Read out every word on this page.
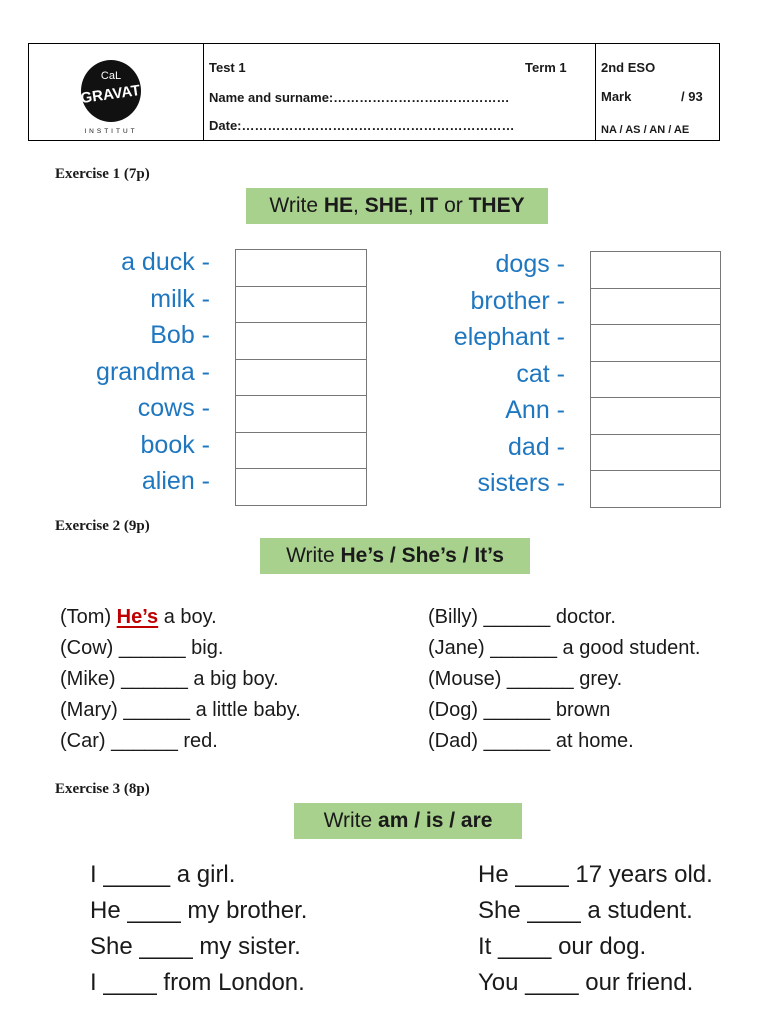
CaL
GRAVAT
INSTITUT
Test 1	Term 1
Name and surname:……………………..……………
Date:………………………………………………………
2nd ESO
Mark	/ 93
NA / AS / AN / AE
Exercise 1 (7p)
Write HE, SHE, IT or THEY
a duck -
milk -
Bob -
grandma -
cows -
book -
alien -
dogs -
brother -
elephant -
cat -
Ann -
dad -
sisters -
Exercise 2 (9p)
Write He’s / She’s / It’s
(Tom) He’s a boy.
(Cow) ______ big.
(Mike) ______ a big boy.
(Mary) ______ a little baby.
(Car) ______ red.
(Billy) ______ doctor.
(Jane) ______ a good student.
(Mouse) ______ grey.
(Dog) ______ brown
(Dad) ______ at home.
Exercise 3 (8p)
Write am / is / are
I _____ a girl.
He ____ my brother.
She ____ my sister.
I ____ from London.
He ____ 17 years old.
She ____ a student.
It ____ our dog.
You ____ our friend.
